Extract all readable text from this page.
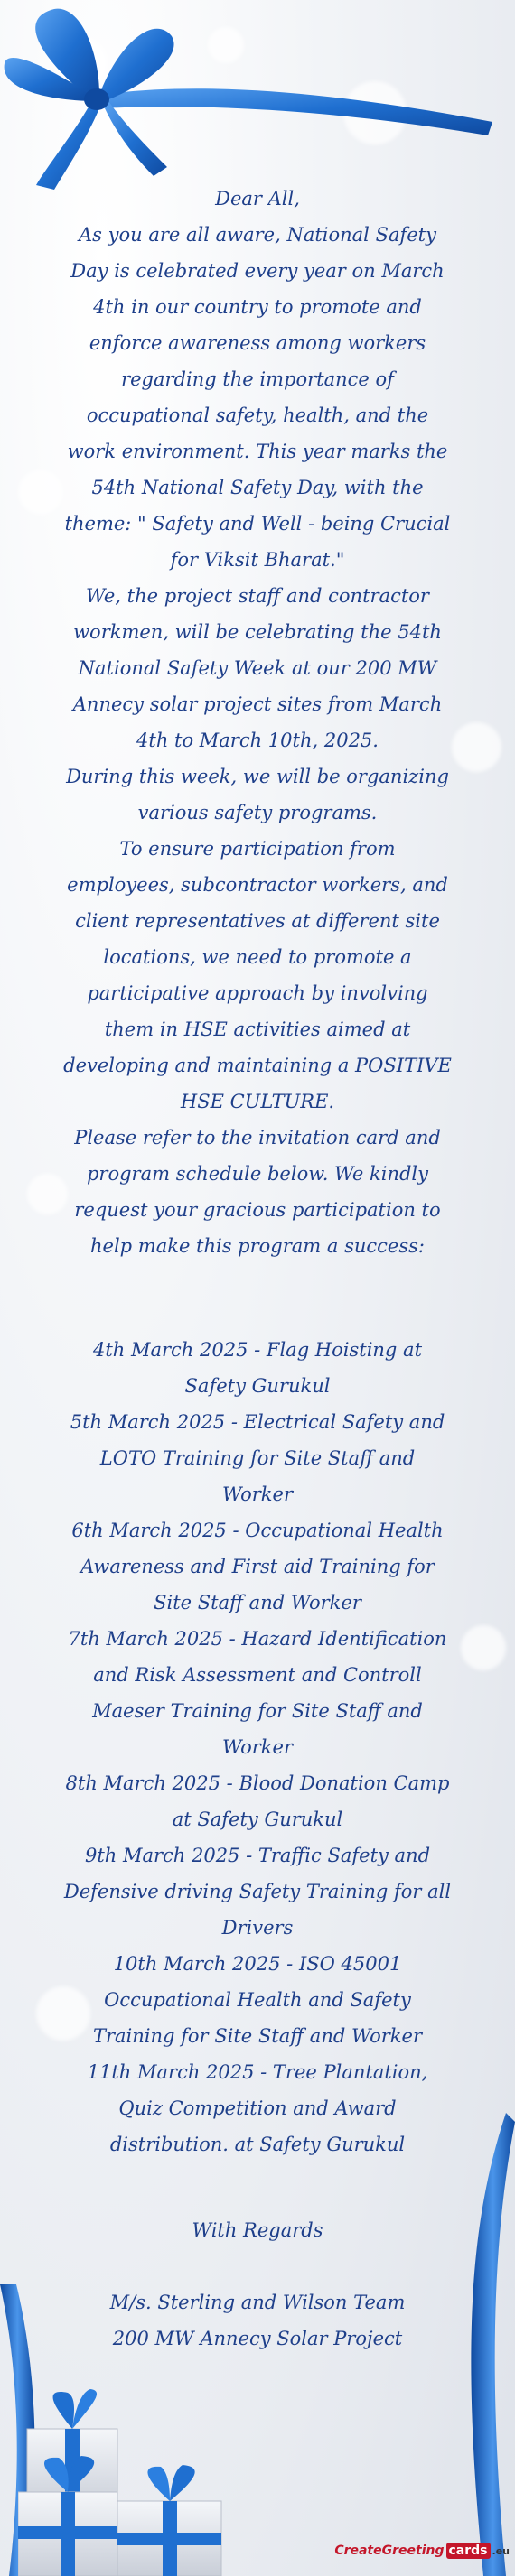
Dear All,

As you are all aware, National Safety Day is celebrated every year on March 4th in our country to promote and enforce awareness among workers regarding the importance of occupational safety, health, and the work environment. This year marks the 54th National Safety Day, with the theme: " Safety and Well - being Crucial for Viksit Bharat."

We, the project staff and contractor workmen, will be celebrating the 54th National Safety Week at our 200 MW Annecy solar project sites from March 4th to March 10th, 2025.

During this week, we will be organizing various safety programs.

To ensure participation from employees, subcontractor workers, and client representatives at different site locations, we need to promote a participative approach by involving them in HSE activities aimed at developing and maintaining a POSITIVE HSE CULTURE.

Please refer to the invitation card and program schedule below. We kindly request your gracious participation to help make this program a success:

4th March 2025 - Flag Hoisting at Safety Gurukul

5th March 2025 - Electrical Safety and LOTO Training for Site Staff and Worker

6th March 2025 - Occupational Health Awareness and First aid Training for Site Staff and Worker

7th March 2025 - Hazard Identification and Risk Assessment and Controll Maeser Training for Site Staff and Worker

8th March 2025 - Blood Donation Camp at Safety Gurukul

9th March 2025 - Traffic Safety and Defensive driving Safety Training for all Drivers

10th March 2025 - ISO 45001 Occupational Health and Safety Training for Site Staff and Worker

11th March 2025 - Tree Plantation, Quiz Competition and Award distribution. at Safety Gurukul

With Regards

M/s. Sterling and Wilson Team

200 MW Annecy Solar Project

CreateGreeting cards .eu
